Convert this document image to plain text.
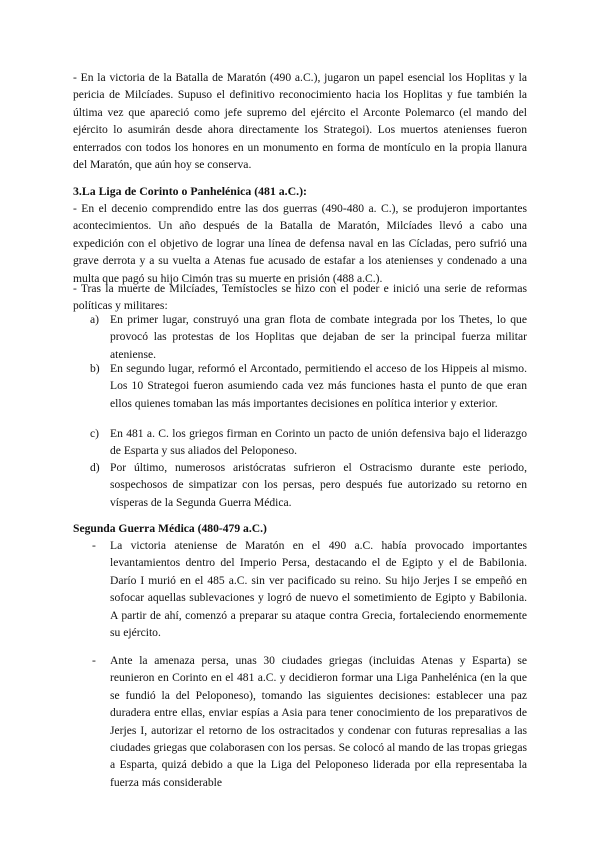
- En la victoria de la Batalla de Maratón (490 a.C.), jugaron un papel esencial los Hoplitas y la pericia de Milcíades. Supuso el definitivo reconocimiento hacia los Hoplitas y fue también la última vez que apareció como jefe supremo del ejército el Arconte Polemarco (el mando del ejército lo asumirán desde ahora directamente los Strategoi). Los muertos atenienses fueron enterrados con todos los honores en un monumento en forma de montículo en la propia llanura del Maratón, que aún hoy se conserva.

3.La Liga de Corinto o Panhelénica (481 a.C.):

- En el decenio comprendido entre las dos guerras (490-480 a. C.), se produjeron importantes acontecimientos. Un año después de la Batalla de Maratón, Milcíades llevó a cabo una expedición con el objetivo de lograr una línea de defensa naval en las Cícladas, pero sufrió una grave derrota y a su vuelta a Atenas fue acusado de estafar a los atenienses y condenado a una multa que pagó su hijo Cimón tras su muerte en prisión (488 a.C.).

- Tras la muerte de Milcíades, Temístocles se hizo con el poder e inició una serie de reformas políticas y militares:

a) En primer lugar, construyó una gran flota de combate integrada por los Thetes, lo que provocó las protestas de los Hoplitas que dejaban de ser la principal fuerza militar ateniense.

b) En segundo lugar, reformó el Arcontado, permitiendo el acceso de los Hippeis al mismo. Los 10 Strategoi fueron asumiendo cada vez más funciones hasta el punto de que eran ellos quienes tomaban las más importantes decisiones en política interior y exterior.

c) En 481 a. C. los griegos firman en Corinto un pacto de unión defensiva bajo el liderazgo de Esparta y sus aliados del Peloponeso.

d) Por último, numerosos aristócratas sufrieron el Ostracismo durante este periodo, sospechosos de simpatizar con los persas, pero después fue autorizado su retorno en vísperas de la Segunda Guerra Médica.

Segunda Guerra Médica (480-479 a.C.)
- La victoria ateniense de Maratón en el 490 a.C. había provocado importantes levantamientos dentro del Imperio Persa, destacando el de Egipto y el de Babilonia. Darío I murió en el 485 a.C. sin ver pacificado su reino. Su hijo Jerjes I se empeñó en sofocar aquellas sublevaciones y logró de nuevo el sometimiento de Egipto y Babilonia. A partir de ahí, comenzó a preparar su ataque contra Grecia, fortaleciendo enormemente su ejército.

- Ante la amenaza persa, unas 30 ciudades griegas (incluidas Atenas y Esparta) se reunieron en Corinto en el 481 a.C. y decidieron formar una Liga Panhelénica (en la que se fundió la del Peloponeso), tomando las siguientes decisiones: establecer una paz duradera entre ellas, enviar espías a Asia para tener conocimiento de los preparativos de Jerjes I, autorizar el retorno de los ostracitados y condenar con futuras represalias a las ciudades griegas que colaborasen con los persas. Se colocó al mando de las tropas griegas a Esparta, quizá debido a que la Liga del Peloponeso liderada por ella representaba la fuerza más considerable
